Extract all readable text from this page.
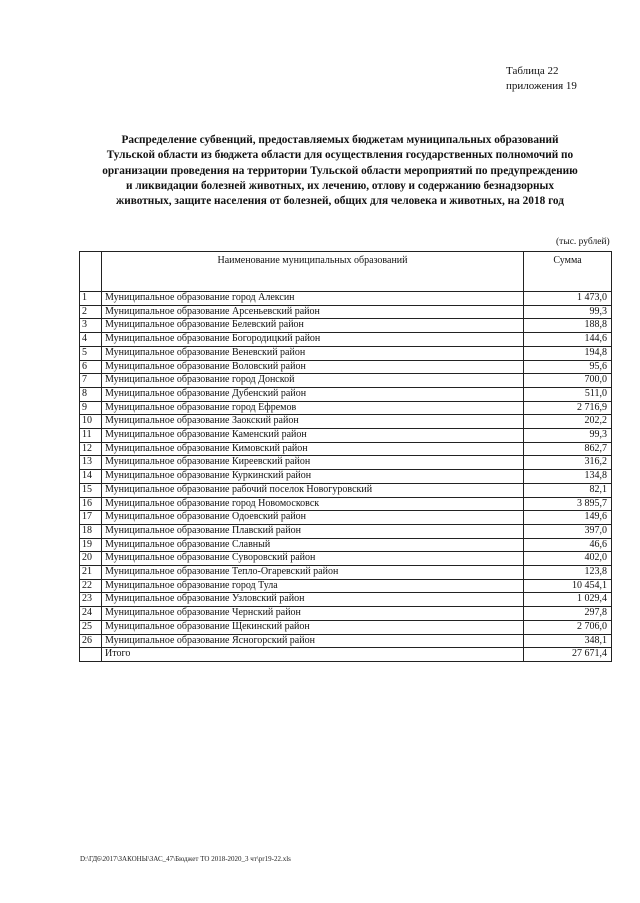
Таблица 22
приложения 19
Распределение субвенций, предоставляемых бюджетам муниципальных образований
Тульской области из бюджета области для осуществления государственных полномочий по
организации проведения на территории Тульской области мероприятий по предупреждению
и ликвидации болезней животных, их лечению, отлову и содержанию безнадзорных
животных, защите населения от болезней, общих для человека и животных, на 2018 год
(тыс. рублей)
	Наименование муниципальных образований	Сумма
1	Муниципальное образование город Алексин	1 473,0
2	Муниципальное образование Арсеньевский район	99,3
3	Муниципальное образование Белевский район	188,8
4	Муниципальное образование Богородицкий район	144,6
5	Муниципальное образование Веневский район	194,8
6	Муниципальное образование Воловский район	95,6
7	Муниципальное образование город Донской	700,0
8	Муниципальное образование Дубенский район	511,0
9	Муниципальное образование город Ефремов	2 716,9
10	Муниципальное образование Заокский район	202,2
11	Муниципальное образование Каменский район	99,3
12	Муниципальное образование Кимовский район	862,7
13	Муниципальное образование Киреевский район	316,2
14	Муниципальное образование Куркинский район	134,8
15	Муниципальное образование рабочий поселок Новогуровский	82,1
16	Муниципальное образование город Новомосковск	3 895,7
17	Муниципальное образование Одоевский район	149,6
18	Муниципальное образование Плавский район	397,0
19	Муниципальное образование Славный	46,6
20	Муниципальное образование Суворовский район	402,0
21	Муниципальное образование Тепло-Огаревский район	123,8
22	Муниципальное образование город Тула	10 454,1
23	Муниципальное образование Узловский район	1 029,4
24	Муниципальное образование Чернский район	297,8
25	Муниципальное образование Щекинский район	2 706,0
26	Муниципальное образование Ясногорский район	348,1
	Итого	27 671,4
D:\ГД6\2017\ЗАКОНЫ\ЗАС_47\Бюджет ТО 2018-2020_3 чт\pr19-22.xls
